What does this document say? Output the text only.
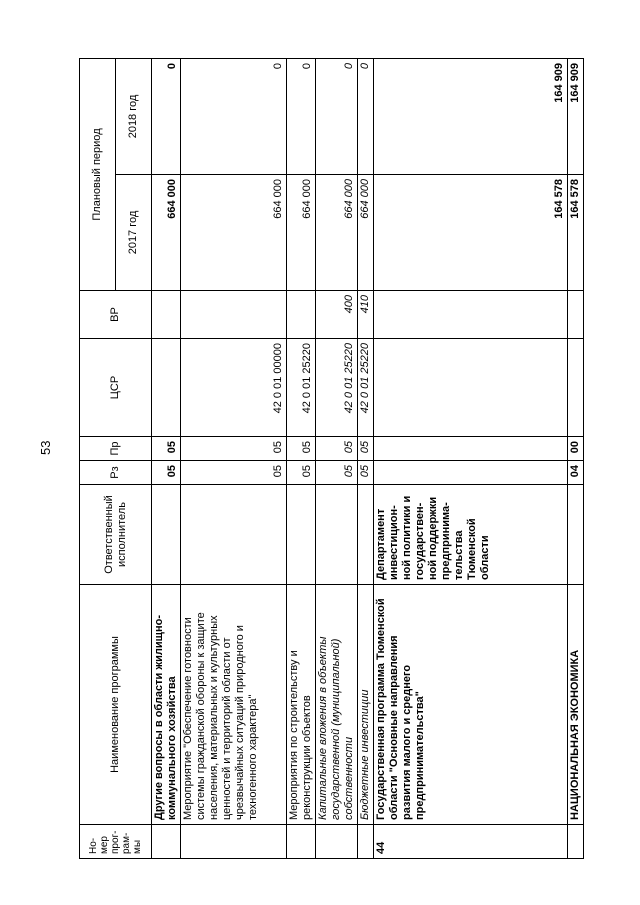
53
Но-
мер
прог-
рам-
мы	Наименование программы	Ответственный исполнитель	Рз	Пр	ЦСР	ВР	Плановый период	
							2017 год	2018 год
	Другие вопросы в области жилищно-коммунального хозяйства		05	05			664 000	0
	Мероприятие "Обеспечение готовности системы гражданской обороны к защите населения, материальных и культурных ценностей и территорий области от чрезвычайных ситуаций природного и техногенного характера"		05	05	42 0 01 00000		664 000	0
	Мероприятия по строительству и реконструкции объектов		05	05	42 0 01 25220		664 000	0
	Капитальные вложения в объекты государственной (муниципальной) собственности		05	05	42 0 01 25220	400	664 000	0
	Бюджетные инвестиции		05	05	42 0 01 25220	410	664 000	0
44	Государственная программа Тюменской области "Основные направления развития малого и среднего предпринимательства"	Департамент инвестицион-ной политики и государствен-ной поддержки предпринима-тельства Тюменской области					164 578	164 909
	НАЦИОНАЛЬНАЯ ЭКОНОМИКА		04	00			164 578	164 909
